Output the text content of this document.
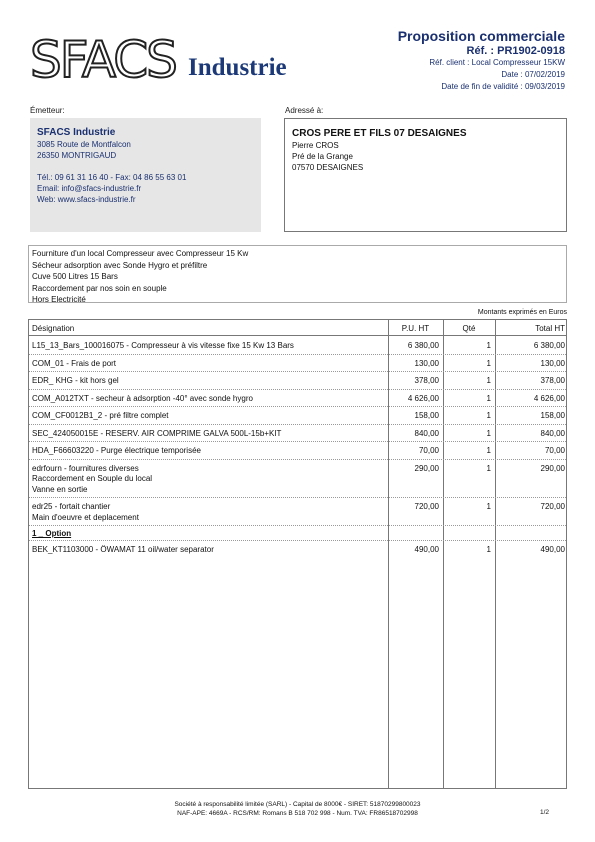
SFACS Industrie
Proposition commerciale
Réf. : PR1902-0918
Réf. client : Local Compresseur 15KW
Date : 07/02/2019
Date de fin de validité : 09/03/2019
Émetteur:
SFACS Industrie
3085 Route de Montfalcon
26350 MONTRIGAUD
Tél.: 09 61 31 16 40 - Fax: 04 86 55 63 01
Email: info@sfacs-industrie.fr
Web: www.sfacs-industrie.fr
Adressé à:
CROS PERE ET FILS 07 DESAIGNES
Pierre CROS
Pré de la Grange
07570 DESAIGNES
Fourniture d'un local Compresseur avec Compresseur 15 Kw
Sécheur adsorption avec Sonde Hygro et préfiltre
Cuve 500 Litres 15 Bars
Raccordement par nos soin en souple
Hors Electricité
Montants exprimés en Euros
Désignation	P.U. HT	Qté	Total HT
L15_13_Bars_100016075 - Compresseur à vis vitesse fixe 15 Kw 13 Bars	6 380,00	1	6 380,00
COM_01 - Frais de port	130,00	1	130,00
EDR_ KHG - kit hors gel	378,00	1	378,00
COM_A012TXT - secheur à adsorption -40° avec sonde hygro	4 626,00	1	4 626,00
COM_CF0012B1_2 - pré filtre complet	158,00	1	158,00
SEC_424050015E - RESERV. AIR COMPRIME GALVA 500L-15b+KIT	840,00	1	840,00
HDA_F66603220 - Purge électrique temporisée	70,00	1	70,00
edrfourn - fournitures diverses
Raccordement en Souple du local
Vanne en sortie
290,00	1	290,00
edr25 - fortait chantier
Main d'oeuvre et deplacement
720,00	1	720,00
1 _ Option
BEK_KT1103000 - ÖWAMAT 11 oil/water separator	490,00	1	490,00
Société à responsabilité limitée (SARL) - Capital de 8000€ - SIRET: 51870299800023
NAF-APE: 4669A - RCS/RM: Romans B 518 702 998 - Num. TVA: FR86518702998	1/2
